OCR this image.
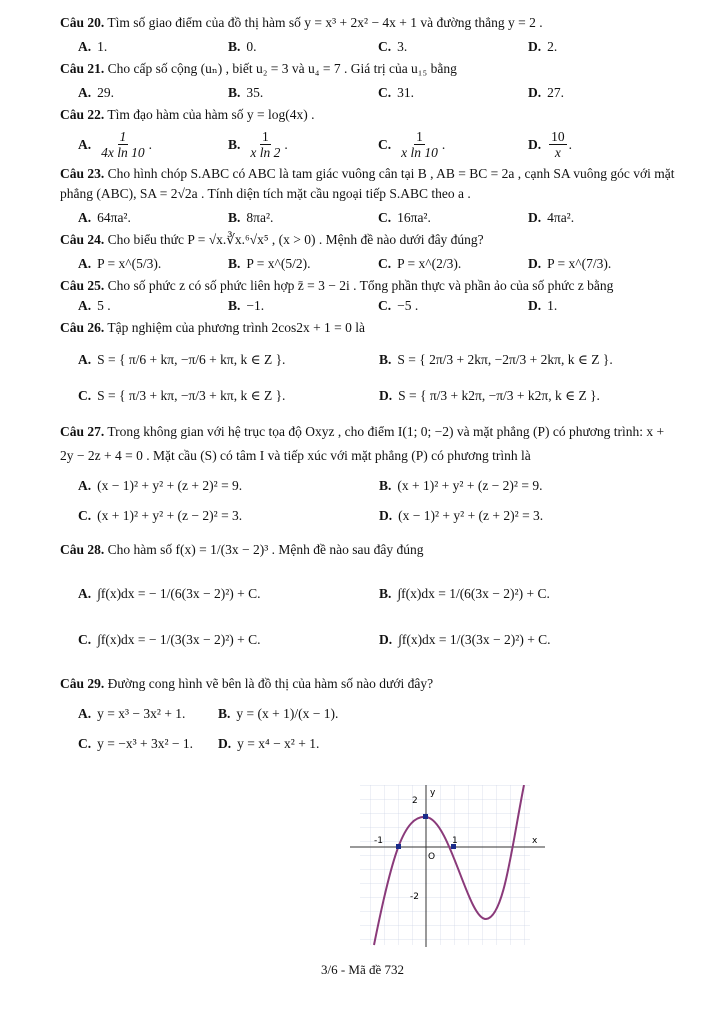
Câu 20. Tìm số giao điểm của đồ thị hàm số y = x³ + 2x² − 4x + 1 và đường thẳng y = 2 .
A. 1.	B. 0.	C. 3.	D. 2.
Câu 21. Cho cấp số cộng (uₙ) , biết u₂ = 3 và u₄ = 7 . Giá trị của u₁₅ bằng
A. 29.	B. 35.	C. 31.	D. 27.
Câu 22. Tìm đạo hàm của hàm số y = log(4x) .
A. $\frac{1}{\text{4x ln 10}}$ .	B. $\frac{1}{\text{x ln 2}}$ .	C. $\frac{1}{\text{x ln 10}}$ .	D. $\frac{10}{x}$ .
Câu 23. Cho hình chóp S.ABC có ABC là tam giác vuông cân tại B , AB = BC = 2a , cạnh SA vuông góc với mặt phẳng (ABC), SA = 2√2a . Tính diện tích mặt cầu ngoại tiếp S.ABC theo a .
A. 64πa².	B. 8πa².	C. 16πa².	D. 4πa².
Câu 24. Cho biểu thức P = √x.∛x.⁶√x⁵ , (x > 0) . Mệnh đề nào dưới đây đúng?
A. P = x^(5/3).	B. P = x^(5/2).	C. P = x^(2/3).	D. P = x^(7/3).
Câu 25. Cho số phức z có số phức liên hợp z̄ = 3 − 2i . Tổng phần thực và phần ảo của số phức z bằng
A. 5 .	B. −1.	C. −5 .	D. 1.
Câu 26. Tập nghiệm của phương trình 2cos2x + 1 = 0 là
A. S = { π/6 + kπ, −π/6 + kπ, k ∈ Z }.	B. S = { 2π/3 + 2kπ, −2π/3 + 2kπ, k ∈ Z }.
C. S = { π/3 + kπ, −π/3 + kπ, k ∈ Z }.	D. S = { π/3 + k2π, −π/3 + k2π, k ∈ Z }.
Câu 27. Trong không gian với hệ trục tọa độ Oxyz , cho điểm I(1; 0; −2) và mặt phẳng (P) có phương trình: x + 2y − 2z + 4 = 0 . Mặt cầu (S) có tâm I và tiếp xúc với mặt phẳng (P) có phương trình là
A. (x − 1)² + y² + (z + 2)² = 9.	B. (x + 1)² + y² + (z − 2)² = 9.
C. (x + 1)² + y² + (z − 2)² = 3.	D. (x − 1)² + y² + (z + 2)² = 3.
Câu 28. Cho hàm số f(x) = 1/(3x − 2)³ . Mệnh đề nào sau đây đúng
A. ∫f(x)dx = − 1/(6(3x − 2)²) + C.	B. ∫f(x)dx = 1/(6(3x − 2)²) + C.
C. ∫f(x)dx = − 1/(3(3x − 2)²) + C.	D. ∫f(x)dx = 1/(3(3x − 2)²) + C.
Câu 29. Đường cong hình vẽ bên là đồ thị của hàm số nào dưới đây?
A. y = x³ − 3x² + 1. B. y = (x + 1)/(x − 1).
C. y = −x³ + 3x² − 1. D. y = x⁴ − x² + 1.
-1	1
2
-2
y
x
O
3/6 - Mã đề 732
